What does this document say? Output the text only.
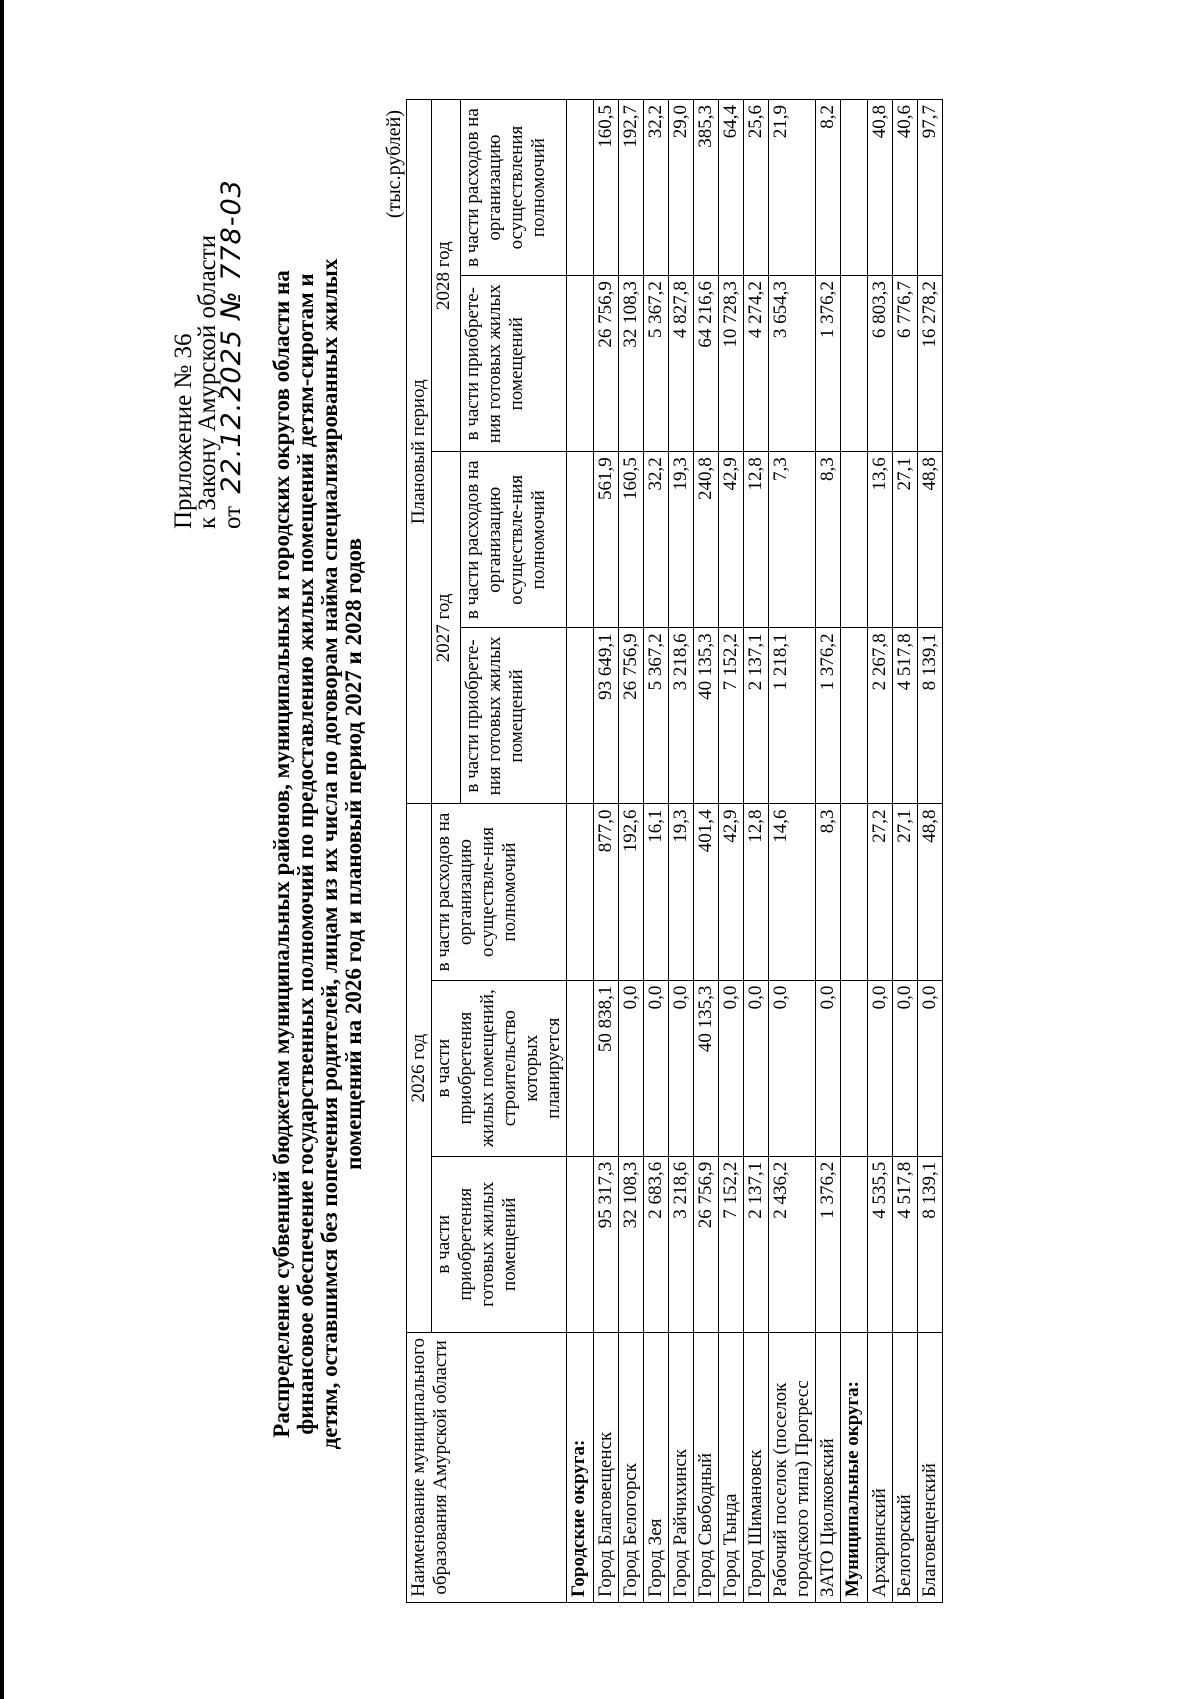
Приложение № 36
к Закону Амурской области
от 22.12.2025 № 778-03 Распределение субвенций бюджетам муниципальных районов, муниципальных и городских округов области на финансовое обеспечение государственных полномочий по предоставлению жилых помещений детям-сиротам и детям, оставшимся без попечения родителей, лицам из их числа по договорам найма специализированных жилых помещений на 2026 год и плановый период 2027 и 2028 годов
(тыс.рублей)
Наименование муниципального образования Амурской области	2026 год			Плановый период			
	в части приобретения готовых жилых помещений	в части приобретения жилых помещений, строительство которых планируется	в части расходов на организацию осуществле-ния полномочий	2027 год		2028 год	
				в части приобрете-ния готовых жилых помещений	в части расходов на организацию осуществле-ния полномочий	в части приобрете-ния готовых жилых помещений	в части расходов на организацию осуществления полномочий
Городские округа:							
Город Благовещенск	95 317,3	50 838,1	877,0	93 649,1	561,9	26 756,9	160,5
Город Белогорск	32 108,3	0,0	192,6	26 756,9	160,5	32 108,3	192,7
Город Зея	2 683,6	0,0	16,1	5 367,2	32,2	5 367,2	32,2
Город Райчихинск	3 218,6	0,0	19,3	3 218,6	19,3	4 827,8	29,0
Город Свободный	26 756,9	40 135,3	401,4	40 135,3	240,8	64 216,6	385,3
Город Тында	7 152,2	0,0	42,9	7 152,2	42,9	10 728,3	64,4
Город Шимановск	2 137,1	0,0	12,8	2 137,1	12,8	4 274,2	25,6
Рабочий поселок (поселок городского типа) Прогресс	2 436,2	0,0	14,6	1 218,1	7,3	3 654,3	21,9
ЗАТО Циолковский	1 376,2	0,0	8,3	1 376,2	8,3	1 376,2	8,2
Муниципальные округа:							
Архаринский	4 535,5	0,0	27,2	2 267,8	13,6	6 803,3	40,8
Белогорский	4 517,8	0,0	27,1	4 517,8	27,1	6 776,7	40,6
Благовещенский	8 139,1	0,0	48,8	8 139,1	48,8	16 278,2	97,7
